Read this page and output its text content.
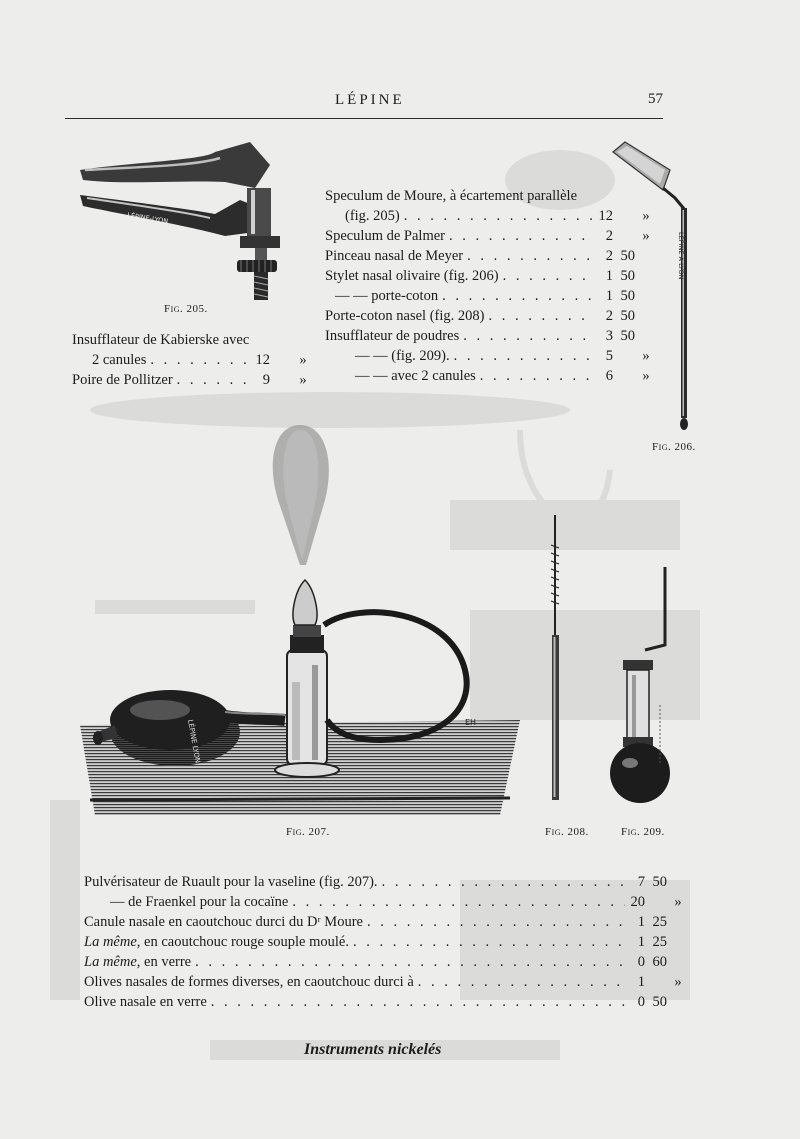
LÉPINE	57
LÉPINE-LYON
Fig. 205.
LÉPINE A LYON
Fig. 206.
LÉPINE LYON	EH
Fig. 207.	Fig. 208.	Fig. 209.
Insufflateur de Kabierske avec
2 canules . . .	12 »
Poire de Pollitzer . . .	9 »
Speculum de Moure, à écartement parallèle
(fig. 205) . . .	12 »
Speculum de Palmer . . .	2 »
Pinceau nasal de Meyer . . .	2 50
Stylet nasal olivaire (fig. 206) . . .	1 50
— — porte-coton . . .	1 50
Porte-coton nasel (fig. 208) . . .	2 50
Insufflateur de poudres . . .	3 50
— — (fig. 209). . . .	5 »
— — avec 2 canules . . .	6 »
Pulvérisateur de Ruault pour la vaseline (fig. 207). . . .	7 50
— de Fraenkel pour la cocaïne . . .	20 »
Canule nasale en caoutchouc durci du Dʳ Moure . . .	1 25
La même, en caoutchouc rouge souple moulé. . . .	1 25
La même, en verre . . .	0 60
Olives nasales de formes diverses, en caoutchouc durci à . . .	1 »
Olive nasale en verre . . .	0 50
Instruments nickelés
